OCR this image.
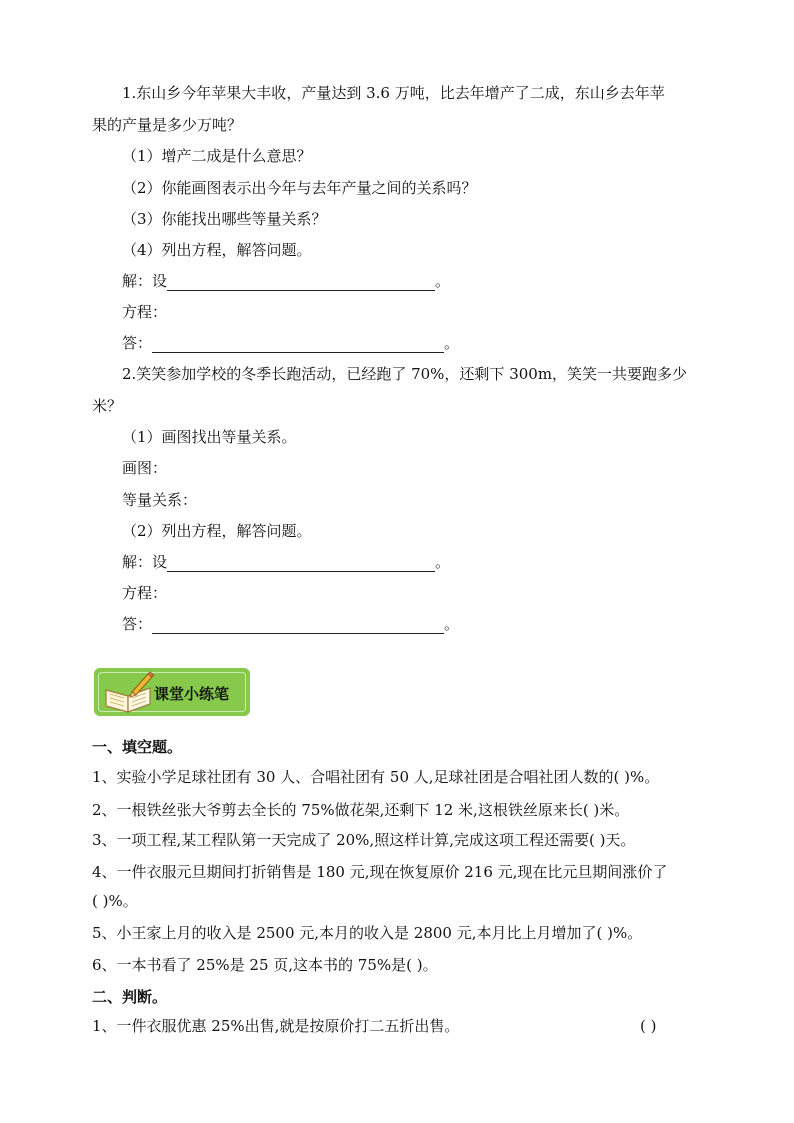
1.东山乡今年苹果大丰收，产量达到 3.6 万吨，比去年增产了二成，东山乡去年苹
果的产量是多少万吨？
（1）增产二成是什么意思？
（2）你能画图表示出今年与去年产量之间的关系吗？
（3）你能找出哪些等量关系？
（4）列出方程，解答问题。
解：设	。
方程：
答：	。
2.笑笑参加学校的冬季长跑活动，已经跑了 70%，还剩下 300m，笑笑一共要跑多少
米？
（1）画图找出等量关系。
画图：
等量关系：
（2）列出方程，解答问题。
解：设	。
方程：
答：	。
课堂小练笔
一、填空题。
1、实验小学足球社团有 30 人、合唱社团有 50 人,足球社团是合唱社团人数的( )%。
2、一根铁丝张大爷剪去全长的 75%做花架,还剩下 12 米,这根铁丝原来长( )米。
3、一项工程,某工程队第一天完成了 20%,照这样计算,完成这项工程还需要( )天。
4、一件衣服元旦期间打折销售是 180 元,现在恢复原价 216 元,现在比元旦期间涨价了
( )%。
5、小王家上月的收入是 2500 元,本月的收入是 2800 元,本月比上月增加了( )%。
6、一本书看了 25%是 25 页,这本书的 75%是( )。
二、判断。
1、一件衣服优惠 25%出售,就是按原价打二五折出售。	( )
